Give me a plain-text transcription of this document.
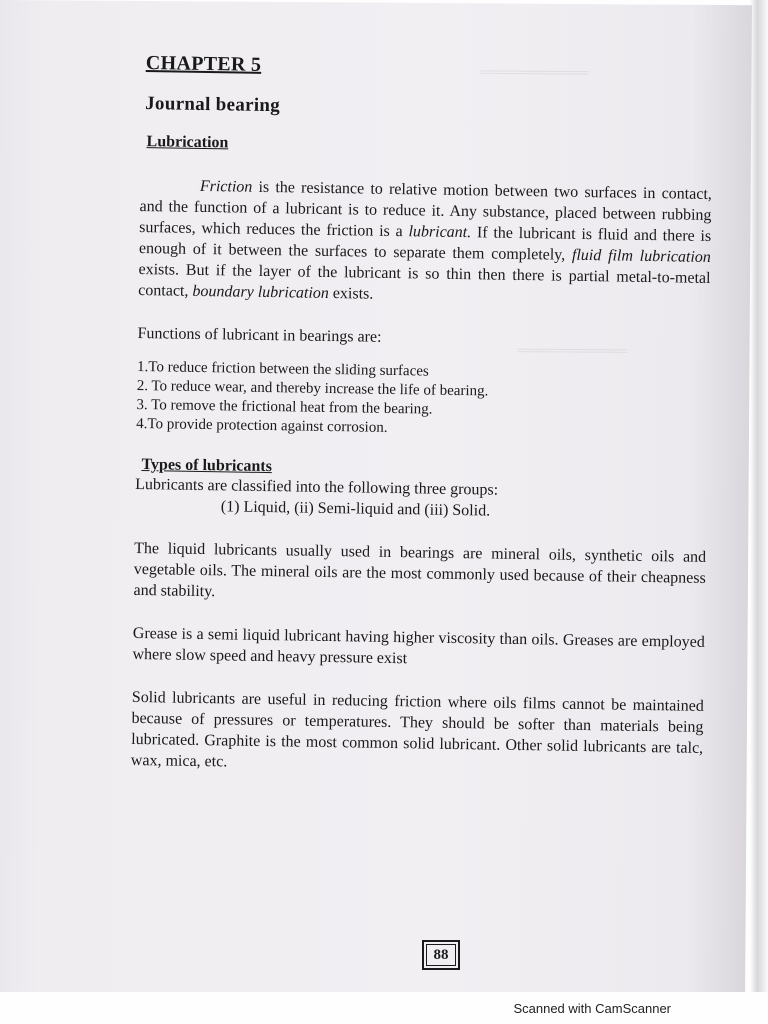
═══════════
═══════════
CHAPTER 5
Journal bearing
Lubrication

Friction is the resistance to relative motion between two surfaces in contact, and the function of a lubricant is to reduce it. Any substance, placed between rubbing surfaces, which reduces the friction is a lubricant. If the lubricant is fluid and there is enough of it between the surfaces to separate them completely, fluid film lubrication exists. But if the layer of the lubricant is so thin then there is partial metal-to-metal contact, boundary lubrication exists.

Functions of lubricant in bearings are:

1.To reduce friction between the sliding surfaces
2. To reduce wear, and thereby increase the life of bearing.
3. To remove the frictional heat from the bearing.
4.To provide protection against corrosion.
Types of lubricants

Lubricants are classified into the following three groups:

(1) Liquid, (ii) Semi-liquid and (iii) Solid.

The liquid lubricants usually used in bearings are mineral oils, synthetic oils and vegetable oils. The mineral oils are the most commonly used because of their cheapness and stability.

Grease is a semi liquid lubricant having higher viscosity than oils. Greases are employed where slow speed and heavy pressure exist

Solid lubricants are useful in reducing friction where oils films cannot be maintained because of pressures or temperatures. They should be softer than materials being lubricated. Graphite is the most common solid lubricant. Other solid lubricants are talc, wax, mica, etc.

88
Scanned with CamScanner
